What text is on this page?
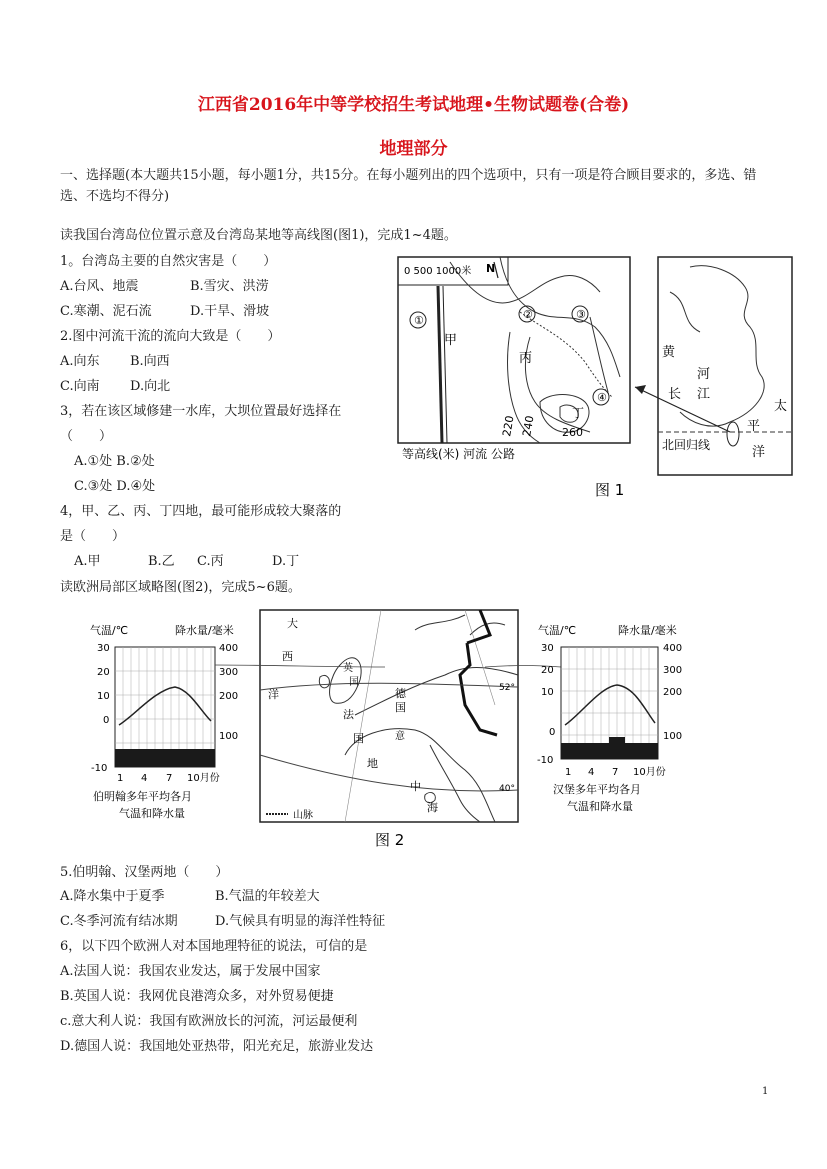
江西省2016年中等学校招生考试地理•生物试题卷(合卷)
地理部分
一、选择题(本大题共15小题，每小题1分，共15分。在每小题列出的四个选项中，只有一项是符合顾目要求的，多选、错选、不选均不得分)
读我国台湾岛位位置示意及台湾岛某地等高线图(图1)，完成1~4题。
1。台湾岛主要的自然灾害是（　　）
A.台风、地震	B.雪灾、洪涝
C.寒潮、泥石流	D.干旱、滑坡
2.图中河流干流的流向大致是（　　）
A.向东 B.向西
C.向南 D.向北
3，若在该区域修建一水库，大坝位置最好选择在
（　　）
A.①处 B.②处
C.③处 D.④处
4，甲、乙、丙、丁四地，最可能形成较大聚落的
是（　　）
A.甲	B.乙 C.丙	D.丁
读欧洲局部区域略图(图2)，完成5~6题。
0 500 1000米 N
①	②	③
④
甲
丙
丁
220 240 260
等高线(米) 河流 公路
黄
河
长 江
太
平
洋
北回归线
图 1
气温/℃	降水量/毫米
30
20
10
0
-10
400
300
200
100
1 4 7 10月份
伯明翰多年平均各月
气温和降水量
大
西
洋
英
国
法
国
德
国
意
地
中
海
52°
40°
山脉
气温/℃	降水量/毫米
30
20
10
0
-10
400
300
200
100
1 4 7 10月份
汉堡多年平均各月
气温和降水量
图 2
5.伯明翰、汉堡两地（　　）
A.降水集中于夏季	B.气温的年较差大
C.冬季河流有结冰期	D.气候具有明显的海洋性特征
6，以下四个欧洲人对本国地理特征的说法，可信的是
A.法国人说：我国农业发达，属于发展中国家
B.英国人说：我网优良港湾众多，对外贸易便捷
c.意大利人说：我国有欧洲放长的河流，河运最便利
D.德国人说：我国地处亚热带，阳光充足，旅游业发达
1
